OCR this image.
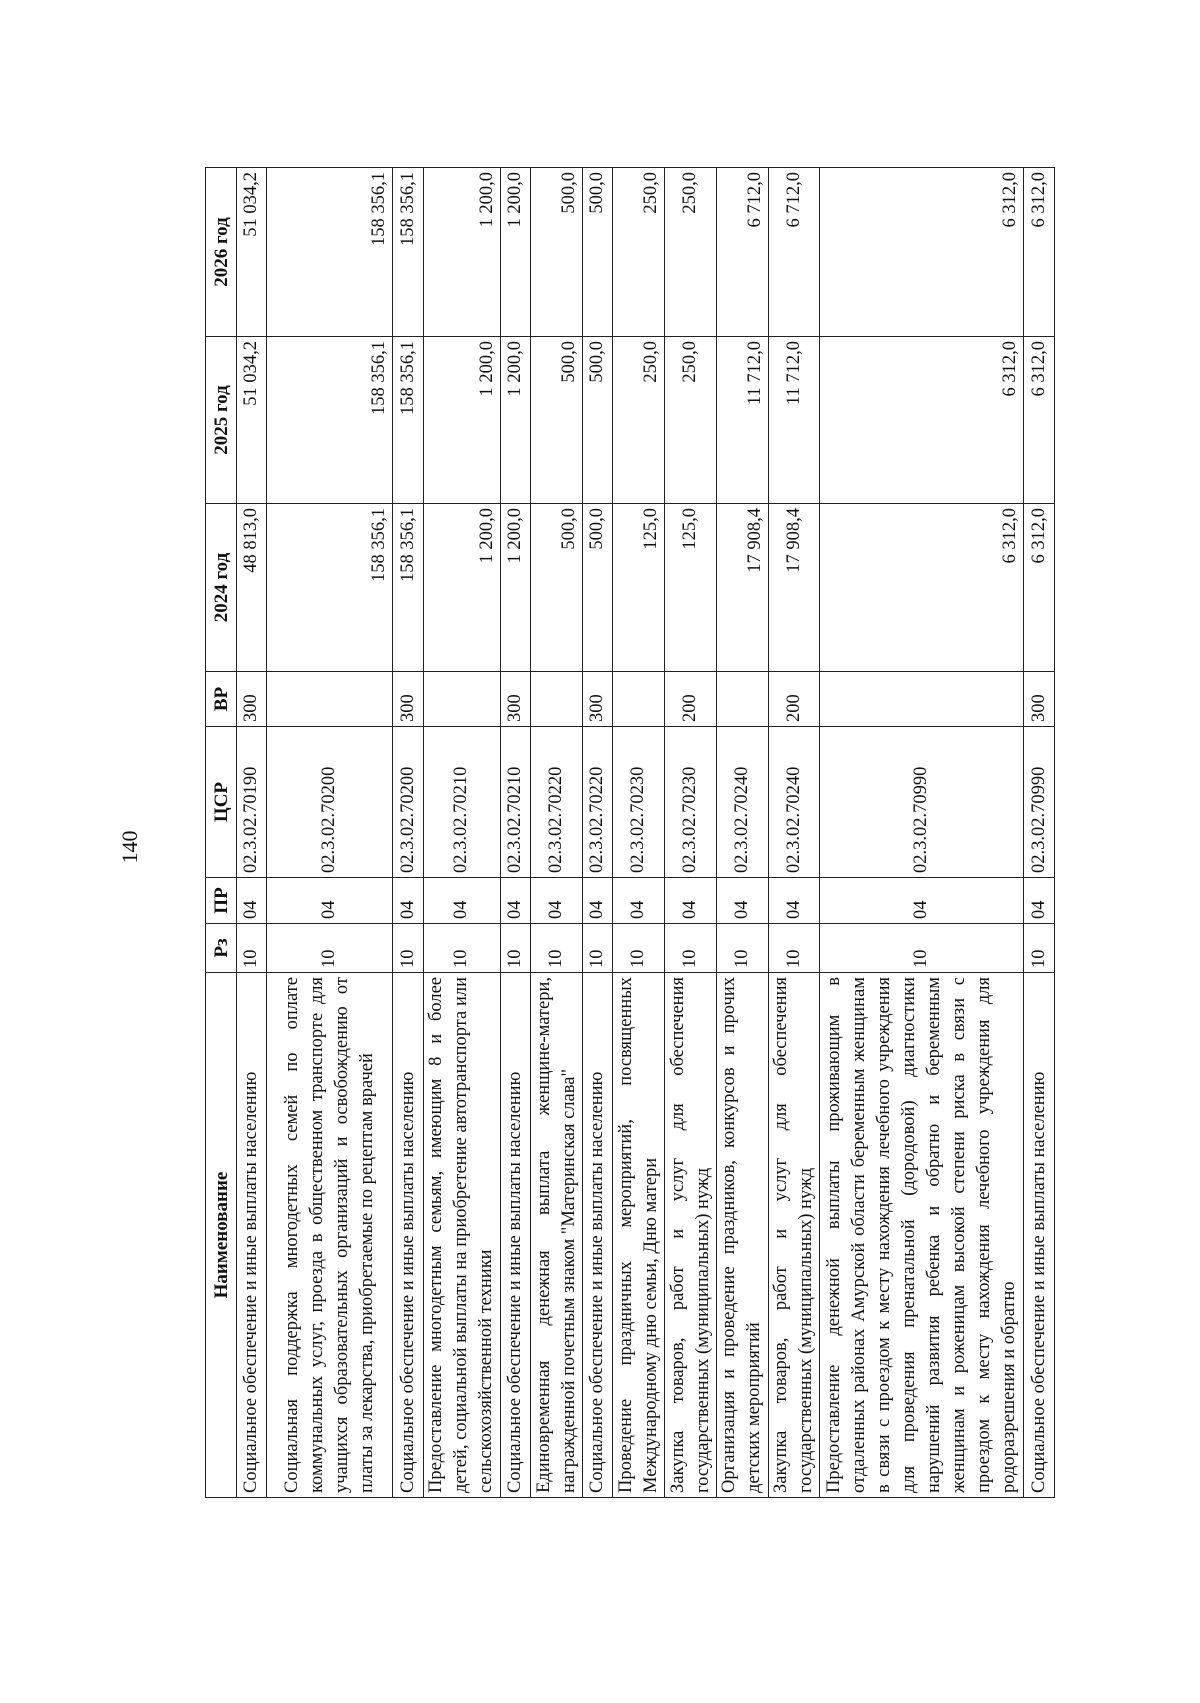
140
Наименование	Рз	ПР	ЦСР	ВР	2024 год	2025 год	2026 год
Социальное обеспечение и иные выплаты населению	10	04	02.3.02.70190	300	48 813,0	51 034,2	51 034,2
Социальная поддержка многодетных семей по оплате коммунальных услуг, проезда в общественном транспорте для учащихся образовательных организаций и освобождению от платы за лекарства, приобретаемые по рецептам врачей	10	04	02.3.02.70200		158 356,1	158 356,1	158 356,1
Социальное обеспечение и иные выплаты населению	10	04	02.3.02.70200	300	158 356,1	158 356,1	158 356,1
Предоставление многодетным семьям, имеющим 8 и более детей, социальной выплаты на приобретение автотранспорта или сельскохозяйственной техники	10	04	02.3.02.70210		1 200,0	1 200,0	1 200,0
Социальное обеспечение и иные выплаты населению	10	04	02.3.02.70210	300	1 200,0	1 200,0	1 200,0
Единовременная денежная выплата женщине-матери, награжденной почетным знаком "Материнская слава"	10	04	02.3.02.70220		500,0	500,0	500,0
Социальное обеспечение и иные выплаты населению	10	04	02.3.02.70220	300	500,0	500,0	500,0
Проведение праздничных мероприятий, посвященных Международному дню семьи, Дню матери	10	04	02.3.02.70230		125,0	250,0	250,0
Закупка товаров, работ и услуг для обеспечения государственных (муниципальных) нужд	10	04	02.3.02.70230	200	125,0	250,0	250,0
Организация и проведение праздников, конкурсов и прочих детских мероприятий	10	04	02.3.02.70240		17 908,4	11 712,0	6 712,0
Закупка товаров, работ и услуг для обеспечения государственных (муниципальных) нужд	10	04	02.3.02.70240	200	17 908,4	11 712,0	6 712,0
Предоставление денежной выплаты проживающим в отдаленных районах Амурской области беременным женщинам в связи с проездом к месту нахождения лечебного учреждения для проведения пренатальной (дородовой) диагностики нарушений развития ребенка и обратно и беременным женщинам и роженицам высокой степени риска в связи с проездом к месту нахождения лечебного учреждения для родоразрешения и обратно	10	04	02.3.02.70990		6 312,0	6 312,0	6 312,0
Социальное обеспечение и иные выплаты населению	10	04	02.3.02.70990	300	6 312,0	6 312,0	6 312,0
